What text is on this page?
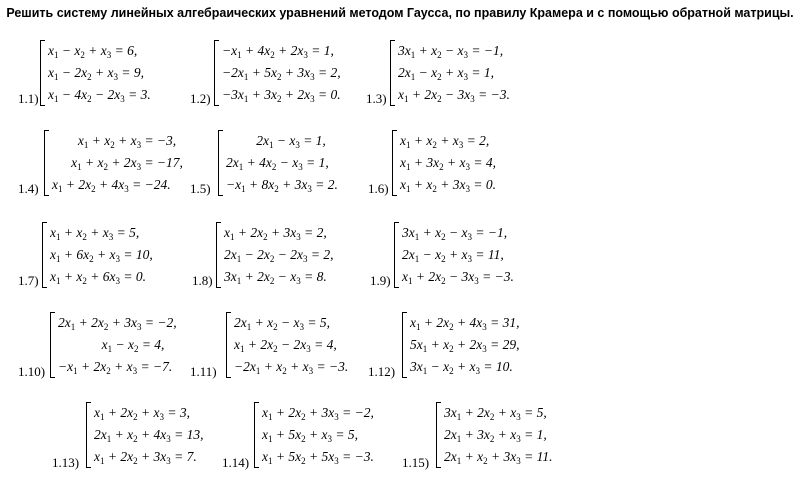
Решить систему линейных алгебраических уравнений методом Гаусса, по правилу Крамера и с помощью обратной матрицы.
1.1)
$x_1 - x_2 + x_3 = 6$,
$x_1 - 2x_2 + x_3 = 9$,
$x_1 - 4x_2 - 2x_3 = 3$.	1.2)
$-x_1 + 4x_2 + 2x_3 = 1$,
$-2x_1 + 5x_2 + 3x_3 = 2$,
$-3x_1 + 3x_2 + 2x_3 = 0$.	1.3)
$3x_1 + x_2 - x_3 = -1$,
$2x_1 - x_2 + x_3 = 1$,
$x_1 + 2x_2 - 3x_3 = -3$.
1.4)
$x_1 + x_2 + x_3 = -3$,
$x_1 + x_2 + 2x_3 = -17$,
$x_1 + 2x_2 + 4x_3 = -24$.	1.5)
$2x_1 - x_3 = 1$,
$2x_1 + 4x_2 - x_3 = 1$,
$-x_1 + 8x_2 + 3x_3 = 2$.	1.6)
$x_1 + x_2 + x_3 = 2$,
$x_1 + 3x_2 + x_3 = 4$,
$x_1 + x_2 + 3x_3 = 0$.
1.7)
$x_1 + x_2 + x_3 = 5$,
$x_1 + 6x_2 + x_3 = 10$,
$x_1 + x_2 + 6x_3 = 0$.	1.8)
$x_1 + 2x_2 + 3x_3 = 2$,
$2x_1 - 2x_2 - 2x_3 = 2$,
$3x_1 + 2x_2 - x_3 = 8$.	1.9)
$3x_1 + x_2 - x_3 = -1$,
$2x_1 - x_2 + x_3 = 11$,
$x_1 + 2x_2 - 3x_3 = -3$.
1.10)
$2x_1 + 2x_2 + 3x_3 = -2$,
$x_1 - x_2 = 4$,
$-x_1 + 2x_2 + x_3 = -7$.	1.11)
$2x_1 + x_2 - x_3 = 5$,
$x_1 + 2x_2 - 2x_3 = 4$,
$-2x_1 + x_2 + x_3 = -3$.	1.12)
$x_1 + 2x_2 + 4x_3 = 31$,
$5x_1 + x_2 + 2x_3 = 29$,
$3x_1 - x_2 + x_3 = 10$.
1.13)
$x_1 + 2x_2 + x_3 = 3$,
$2x_1 + x_2 + 4x_3 = 13$,
$x_1 + 2x_2 + 3x_3 = 7$.	1.14)
$x_1 + 2x_2 + 3x_3 = -2$,
$x_1 + 5x_2 + x_3 = 5$,
$x_1 + 5x_2 + 5x_3 = -3$.	1.15)
$3x_1 + 2x_2 + x_3 = 5$,
$2x_1 + 3x_2 + x_3 = 1$,
$2x_1 + x_2 + 3x_3 = 11$.
